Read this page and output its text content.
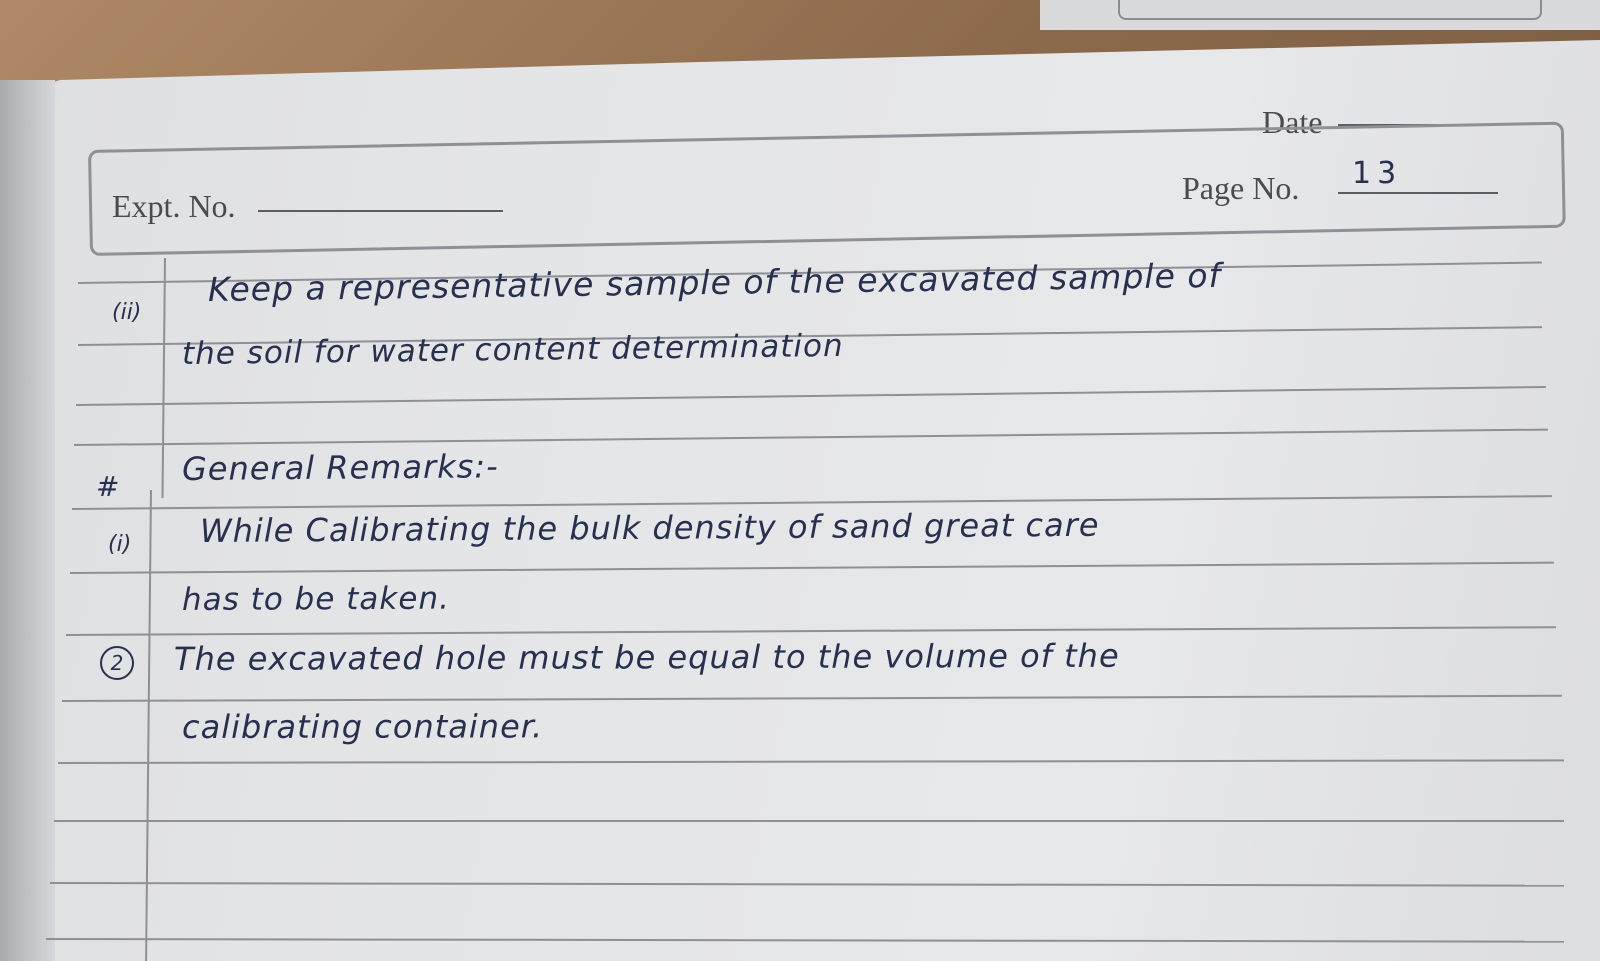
Date
Expt. No.	Page No. 13
(ii)
Keep a representative sample of the excavated sample of
the soil for water content determination
# General Remarks:-
(i) While Calibrating the bulk density of sand great care
has to be taken.
2	The excavated hole must be equal to the volume of the
calibrating container.
